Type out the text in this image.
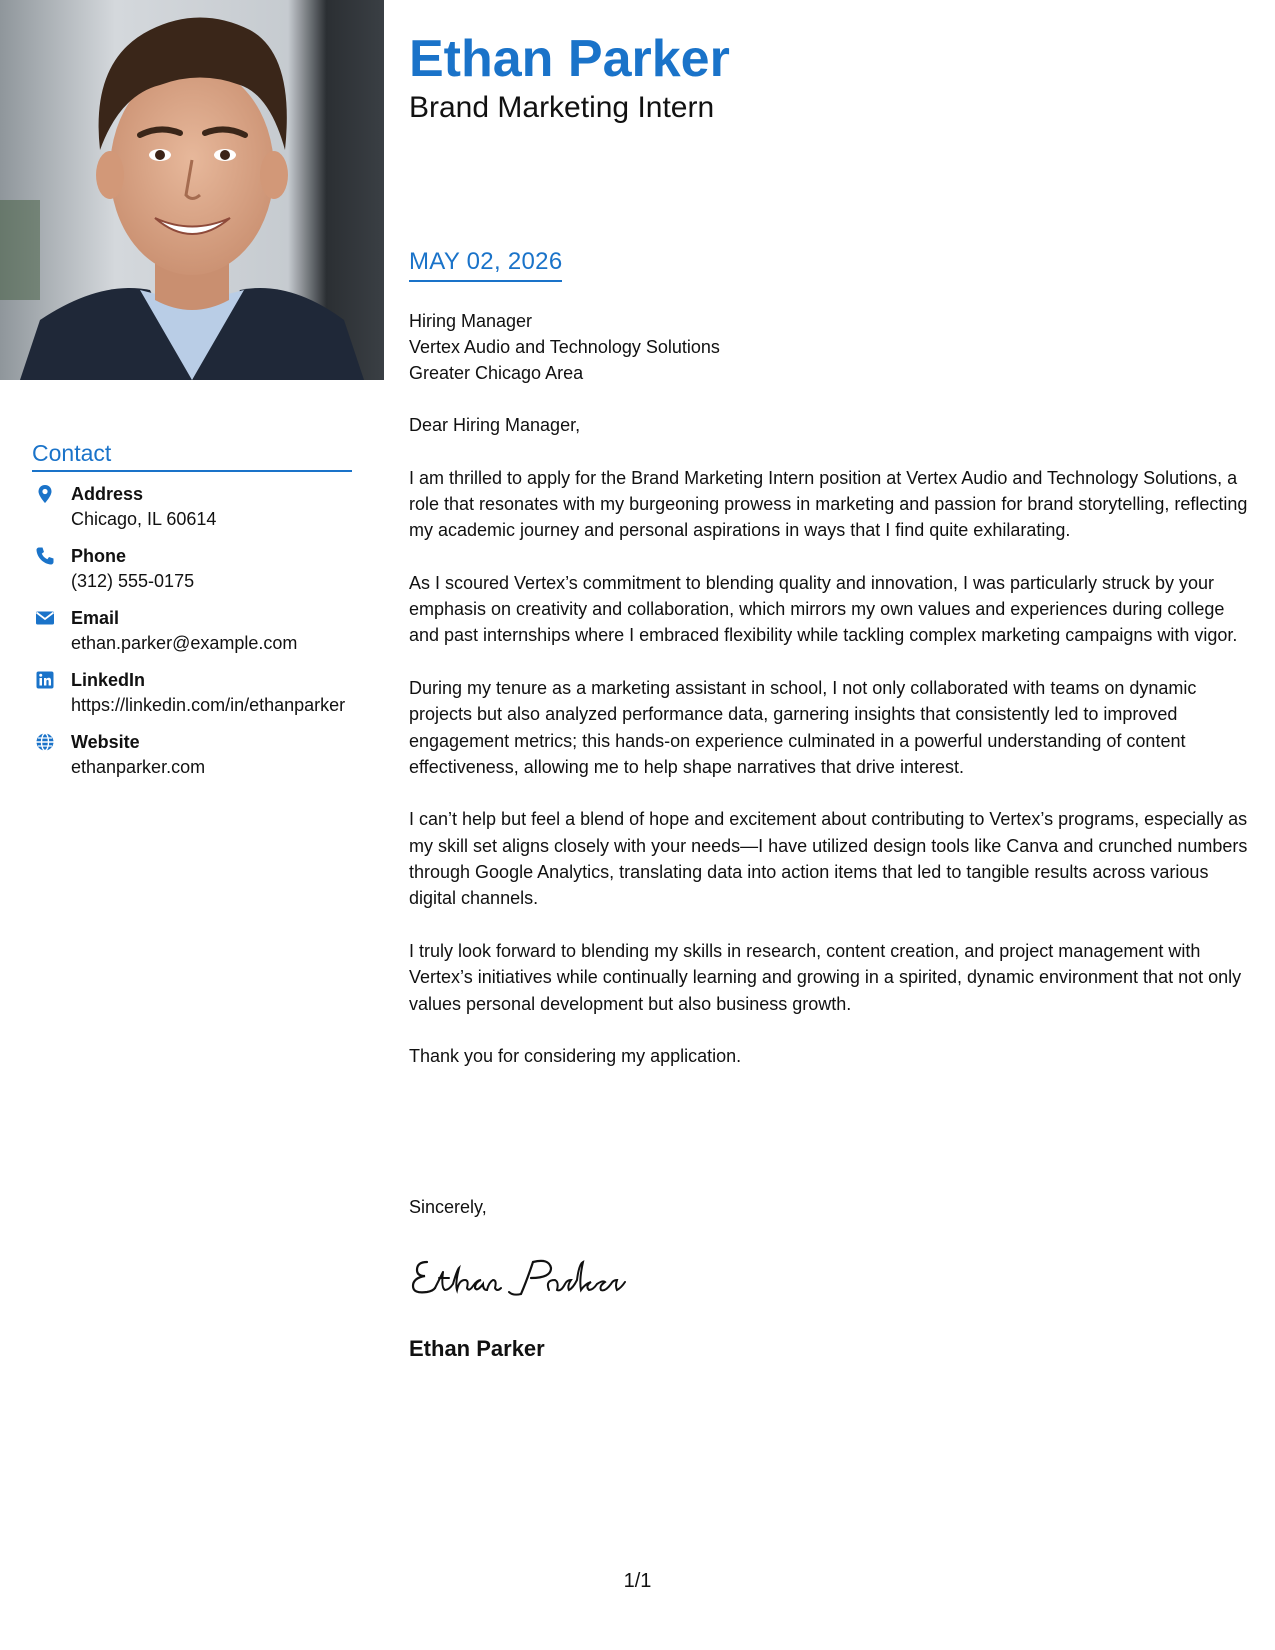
Contact
Address
Chicago, IL 60614
Phone
(312) 555-0175
Email
ethan.parker@example.com
LinkedIn
https://linkedin.com/in/ethanparker
Website
ethanparker.com
Ethan Parker
Brand Marketing Intern
MAY 02, 2026
Hiring Manager
Vertex Audio and Technology Solutions
Greater Chicago Area

Dear Hiring Manager,

I am thrilled to apply for the Brand Marketing Intern position at Vertex Audio and Technology Solutions, a role that resonates with my burgeoning prowess in marketing and passion for brand storytelling, reflecting my academic journey and personal aspirations in ways that I find quite exhilarating.

As I scoured Vertex’s commitment to blending quality and innovation, I was particularly struck by your emphasis on creativity and collaboration, which mirrors my own values and experiences during college and past internships where I embraced flexibility while tackling complex marketing campaigns with vigor.

During my tenure as a marketing assistant in school, I not only collaborated with teams on dynamic projects but also analyzed performance data, garnering insights that consistently led to improved engagement metrics; this hands-on experience culminated in a powerful understanding of content effectiveness, allowing me to help shape narratives that drive interest.

I can’t help but feel a blend of hope and excitement about contributing to Vertex’s programs, especially as my skill set aligns closely with your needs—I have utilized design tools like Canva and crunched numbers through Google Analytics, translating data into action items that led to tangible results across various digital channels.

I truly look forward to blending my skills in research, content creation, and project management with Vertex’s initiatives while continually learning and growing in a spirited, dynamic environment that not only values personal development but also business growth.

Thank you for considering my application.

Sincerely,
Ethan Parker
1/1
